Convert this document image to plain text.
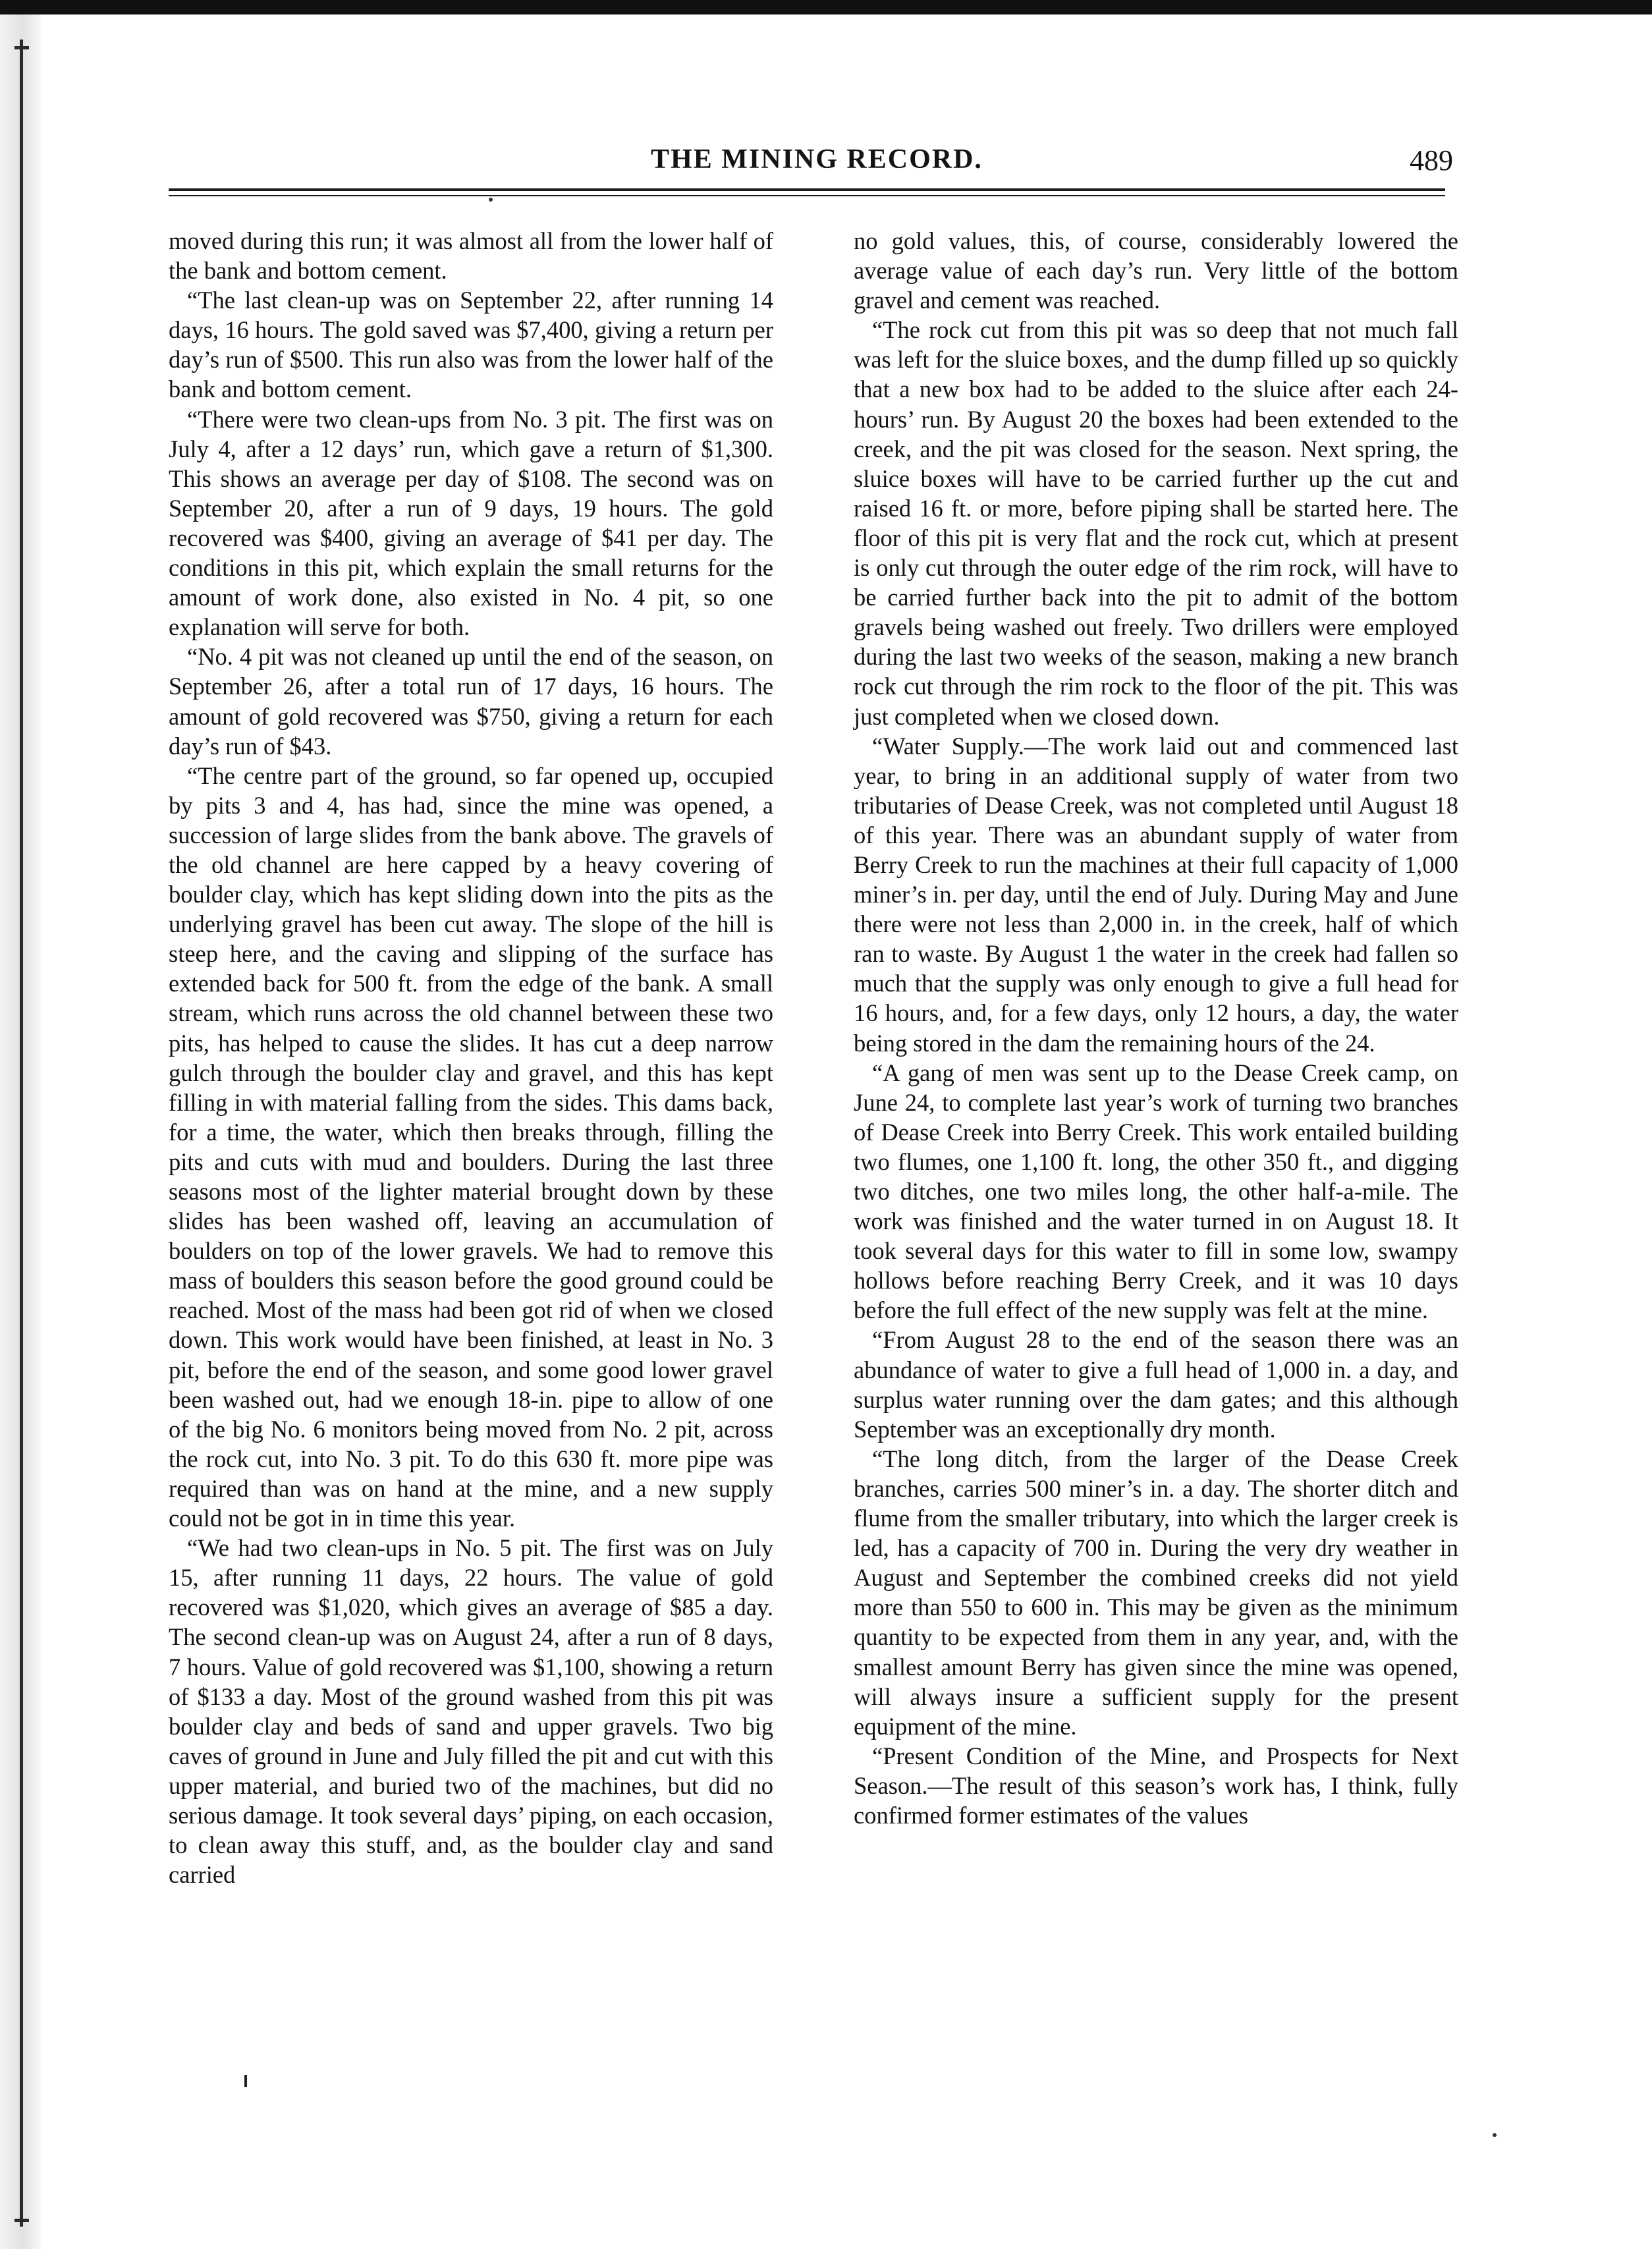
THE MINING RECORD.	489

moved during this run; it was almost all from the lower half of the bank and bottom cement.

“The last clean-up was on September 22, after running 14 days, 16 hours. The gold saved was $7,400, giving a return per day’s run of $500. This run also was from the lower half of the bank and bottom cement.

“There were two clean-ups from No. 3 pit. The first was on July 4, after a 12 days’ run, which gave a return of $1,300. This shows an average per day of $108. The second was on September 20, after a run of 9 days, 19 hours. The gold recovered was $400, giving an average of $41 per day. The conditions in this pit, which explain the small returns for the amount of work done, also existed in No. 4 pit, so one explanation will serve for both.

“No. 4 pit was not cleaned up until the end of the season, on September 26, after a total run of 17 days, 16 hours. The amount of gold recovered was $750, giving a return for each day’s run of $43.

“The centre part of the ground, so far opened up, occupied by pits 3 and 4, has had, since the mine was opened, a succession of large slides from the bank above. The gravels of the old channel are here capped by a heavy covering of boulder clay, which has kept sliding down into the pits as the underlying gravel has been cut away. The slope of the hill is steep here, and the caving and slipping of the surface has extended back for 500 ft. from the edge of the bank. A small stream, which runs across the old channel between these two pits, has helped to cause the slides. It has cut a deep narrow gulch through the boulder clay and gravel, and this has kept filling in with material falling from the sides. This dams back, for a time, the water, which then breaks through, filling the pits and cuts with mud and boulders. During the last three seasons most of the lighter material brought down by these slides has been washed off, leaving an accumulation of boulders on top of the lower gravels. We had to remove this mass of boulders this season before the good ground could be reached. Most of the mass had been got rid of when we closed down. This work would have been finished, at least in No. 3 pit, before the end of the season, and some good lower gravel been washed out, had we enough 18-in. pipe to allow of one of the big No. 6 monitors being moved from No. 2 pit, across the rock cut, into No. 3 pit. To do this 630 ft. more pipe was required than was on hand at the mine, and a new supply could not be got in in time this year.

“We had two clean-ups in No. 5 pit. The first was on July 15, after running 11 days, 22 hours. The value of gold recovered was $1,020, which gives an average of $85 a day. The second clean-up was on August 24, after a run of 8 days, 7 hours. Value of gold recovered was $1,100, showing a return of $133 a day. Most of the ground washed from this pit was boulder clay and beds of sand and upper gravels. Two big caves of ground in June and July filled the pit and cut with this upper material, and buried two of the machines, but did no serious damage. It took several days’ piping, on each occasion, to clean away this stuff, and, as the boulder clay and sand carried

no gold values, this, of course, considerably lowered the average value of each day’s run. Very little of the bottom gravel and cement was reached.

“The rock cut from this pit was so deep that not much fall was left for the sluice boxes, and the dump filled up so quickly that a new box had to be added to the sluice after each 24-hours’ run. By August 20 the boxes had been extended to the creek, and the pit was closed for the season. Next spring, the sluice boxes will have to be carried further up the cut and raised 16 ft. or more, before piping shall be started here. The floor of this pit is very flat and the rock cut, which at present is only cut through the outer edge of the rim rock, will have to be carried further back into the pit to admit of the bottom gravels being washed out freely. Two drillers were employed during the last two weeks of the season, making a new branch rock cut through the rim rock to the floor of the pit. This was just completed when we closed down.

“Water Supply.—The work laid out and commenced last year, to bring in an additional supply of water from two tributaries of Dease Creek, was not completed until August 18 of this year. There was an abundant supply of water from Berry Creek to run the machines at their full capacity of 1,000 miner’s in. per day, until the end of July. During May and June there were not less than 2,000 in. in the creek, half of which ran to waste. By August 1 the water in the creek had fallen so much that the supply was only enough to give a full head for 16 hours, and, for a few days, only 12 hours, a day, the water being stored in the dam the remaining hours of the 24.

“A gang of men was sent up to the Dease Creek camp, on June 24, to complete last year’s work of turning two branches of Dease Creek into Berry Creek. This work entailed building two flumes, one 1,100 ft. long, the other 350 ft., and digging two ditches, one two miles long, the other half-a-mile. The work was finished and the water turned in on August 18. It took several days for this water to fill in some low, swampy hollows before reaching Berry Creek, and it was 10 days before the full effect of the new supply was felt at the mine.

“From August 28 to the end of the season there was an abundance of water to give a full head of 1,000 in. a day, and surplus water running over the dam gates; and this although September was an exceptionally dry month.

“The long ditch, from the larger of the Dease Creek branches, carries 500 miner’s in. a day. The shorter ditch and flume from the smaller tributary, into which the larger creek is led, has a capacity of 700 in. During the very dry weather in August and September the combined creeks did not yield more than 550 to 600 in. This may be given as the minimum quantity to be expected from them in any year, and, with the smallest amount Berry has given since the mine was opened, will always insure a sufficient supply for the present equipment of the mine.

“Present Condition of the Mine, and Prospects for Next Season.—The result of this season’s work has, I think, fully confirmed former estimates of the values
